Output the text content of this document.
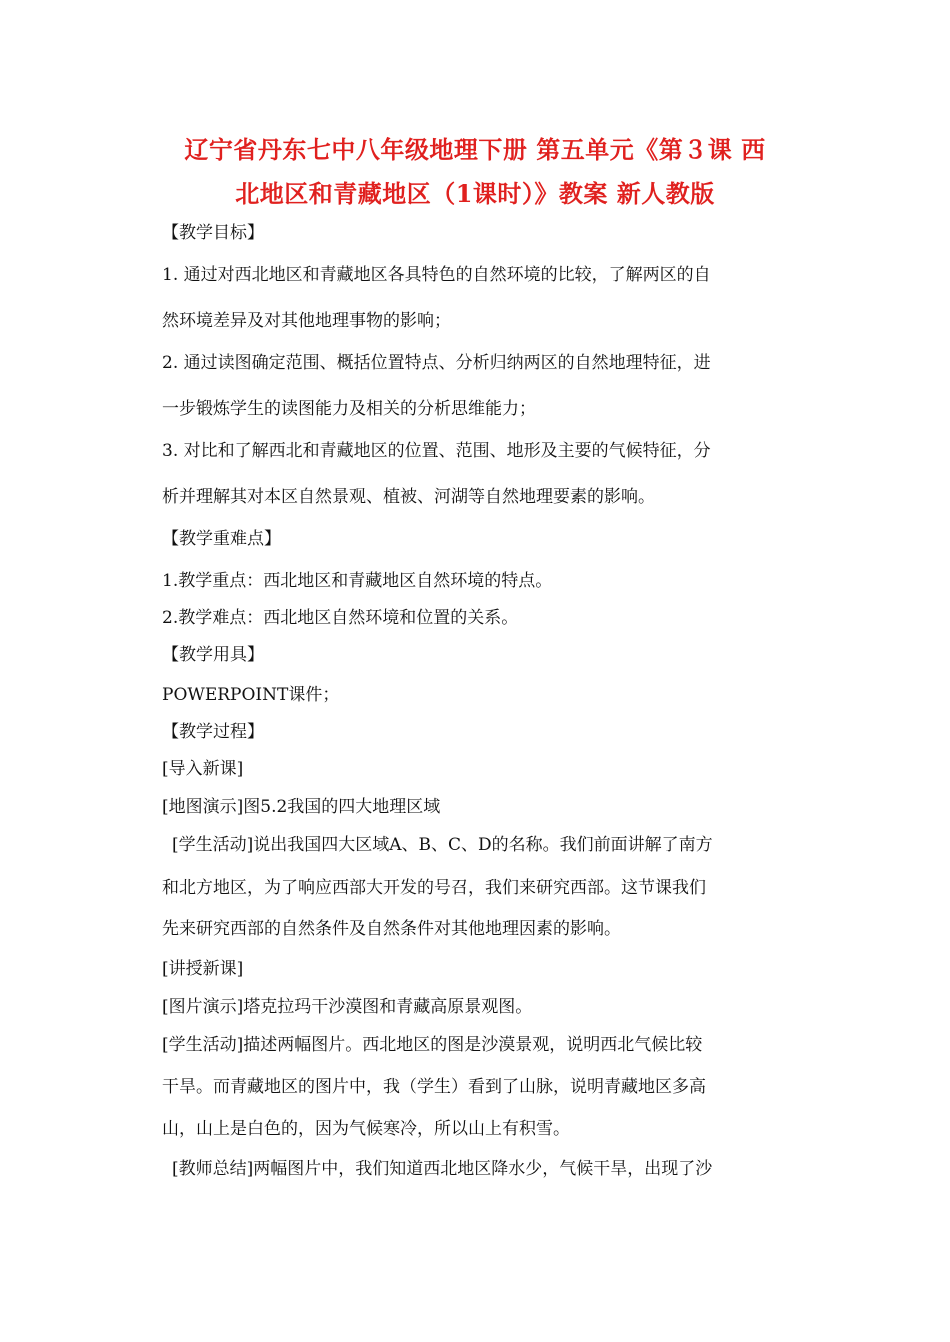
辽宁省丹东七中八年级地理下册 第五单元《第３课 西
北地区和青藏地区（1课时）》教案 新人教版
【教学目标】
1. 通过对西北地区和青藏地区各具特色的自然环境的比较，了解两区的自
然环境差异及对其他地理事物的影响；
2. 通过读图确定范围、概括位置特点、分析归纳两区的自然地理特征，进
一步锻炼学生的读图能力及相关的分析思维能力；
3. 对比和了解西北和青藏地区的位置、范围、地形及主要的气候特征，分
析并理解其对本区自然景观、植被、河湖等自然地理要素的影响。
【教学重难点】
1.教学重点：西北地区和青藏地区自然环境的特点。
2.教学难点：西北地区自然环境和位置的关系。
【教学用具】
POWERPOINT课件；
【教学过程】
[导入新课]
[地图演示]图5.2我国的四大地理区域
[学生活动]说出我国四大区域A、B、C、D的名称。我们前面讲解了南方
和北方地区，为了响应西部大开发的号召，我们来研究西部。这节课我们
先来研究西部的自然条件及自然条件对其他地理因素的影响。
[讲授新课]
[图片演示]塔克拉玛干沙漠图和青藏高原景观图。
[学生活动]描述两幅图片。西北地区的图是沙漠景观，说明西北气候比较
干旱。而青藏地区的图片中，我（学生）看到了山脉，说明青藏地区多高
山，山上是白色的，因为气候寒冷，所以山上有积雪。
[教师总结]两幅图片中，我们知道西北地区降水少，气候干旱，出现了沙
